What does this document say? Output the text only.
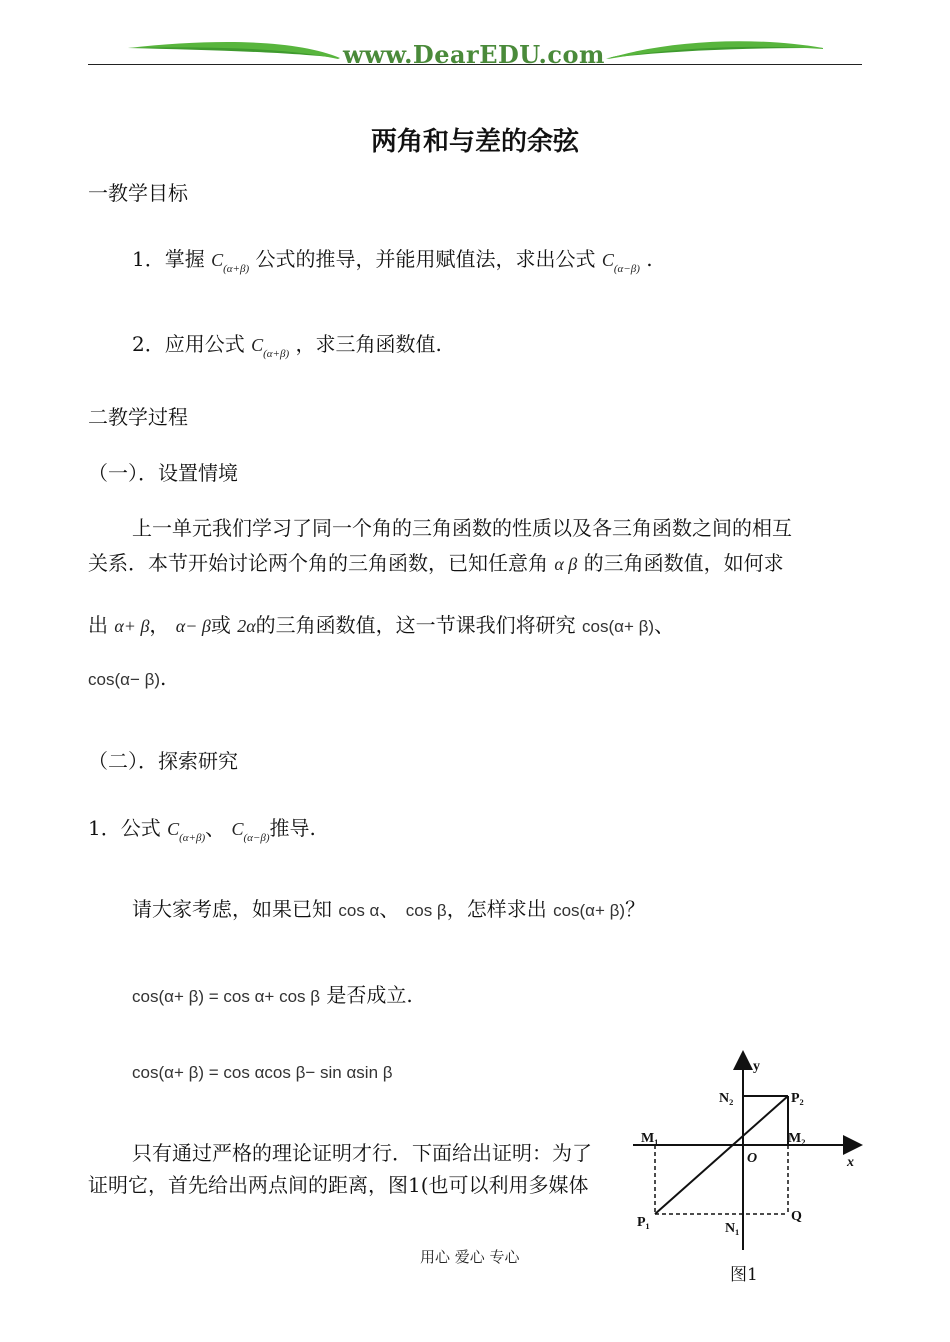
www.DearEDU.com
两角和与差的余弦
一教学目标
1．掌握 $C_{(\alpha+\beta)}$ 公式的推导，并能用赋值法，求出公式 $C_{(\alpha-\beta)}$ .
2．应用公式 $C_{(\alpha+\beta)}$ ，求三角函数值.
二教学过程
（一）．设置情境
上一单元我们学习了同一个角的三角函数的性质以及各三角函数之间的相互
关系．本节开始讨论两个角的三角函数，已知任意角 α β 的三角函数值，如何求
出 α+ β， α− β或 2α的三角函数值，这一节课我们将研究 cos(α+ β)、
cos(α− β).
（二）．探索研究
1．公式 $C_{(\alpha+\beta)}$、 $C_{(\alpha-\beta)}$推导.
请大家考虑，如果已知 cos α、 cos β，怎样求出 cos(α+ β)？
cos(α+ β) = cos α+ cos β 是否成立.
cos(α+ β) = cos αcos β− sin αsin β
只有通过严格的理论证明才行．下面给出证明：为了
证明它，首先给出两点间的距离，图1(也可以利用多媒体
y
x
O
N₂	P₂
M₁	M₂
P₁	N₁
Q
图1
用心 爱心 专心
